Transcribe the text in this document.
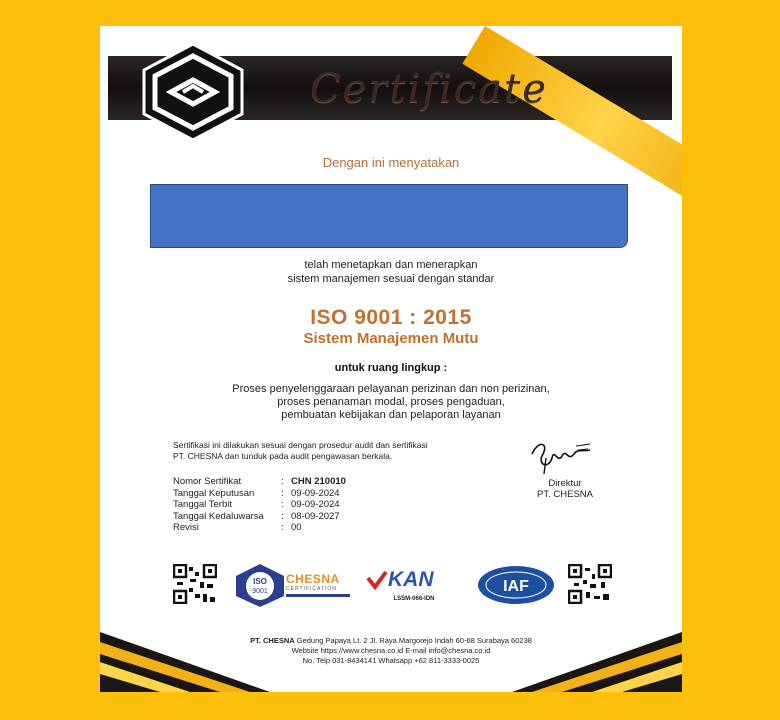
Certificate
Dengan ini menyatakan
telah menetapkan dan menerapkan
sistem manajemen sesuai dengan standar
ISO 9001 : 2015
Sistem Manajemen Mutu
untuk ruang lingkup :
Proses penyelenggaraan pelayanan perizinan dan non perizinan,
proses penanaman modal, proses pengaduan,
pembuatan kebijakan dan pelaporan layanan
Sertifikasi ini dilakukan sesuai dengan prosedur audit dan sertifikasi
PT. CHESNA dan tunduk pada audit pengawasan berkala.
Nomor Sertifikat	: CHN 210010
Tanggal Keputusan	: 09-09-2024
Tanggal Terbit	: 09-09-2024
Tanggal Kedaluwarsa	: 08-09-2027
Revisi	: 00
Direktur
PT. CHESNA
ISO
9001
CHESNA
CERTIFICATION	KAN
LSSM-066-IDN
IAF
PT. CHESNA Gedung Papaya Lt. 2 Jl. Raya Margorejo Indah 60-68 Surabaya 60238
Website https://www.chesna.co.id E-mail info@chesna.co.id
No. Telp 031-8434141 Whatsapp +62 811-3333-0025
